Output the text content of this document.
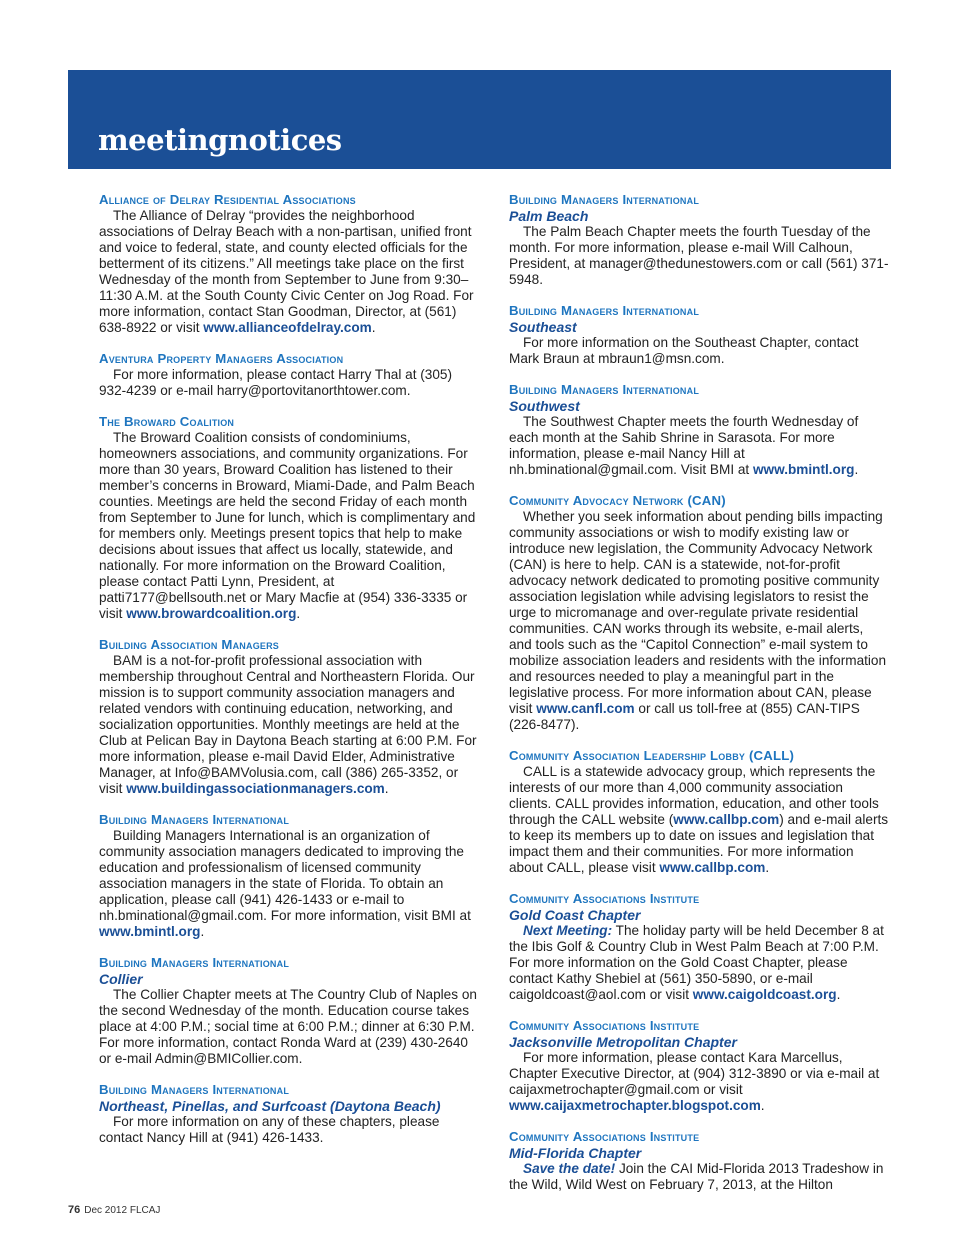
meetingnotices

Alliance of Delray Residential Associations

The Alliance of Delray “provides the neighborhood associations of Delray Beach with a non-partisan, unified front and voice to federal, state, and county elected officials for the betterment of its citizens.” All meetings take place on the first Wednesday of the month from September to June from 9:30–11:30 A.M. at the South County Civic Center on Jog Road. For more information, contact Stan Goodman, Director, at (561) 638-8922 or visit www.allianceofdelray.com.

Aventura Property Managers Association

For more information, please contact Harry Thal at (305) 932-4239 or e-mail harry@portovitanorthtower.com.

The Broward Coalition

The Broward Coalition consists of condominiums, homeowners associations, and community organizations. For more than 30 years, Broward Coalition has listened to their member’s concerns in Broward, Miami-Dade, and Palm Beach counties. Meetings are held the second Friday of each month from September to June for lunch, which is complimentary and for members only. Meetings present topics that help to make decisions about issues that affect us locally, statewide, and nationally. For more information on the Broward Coalition, please contact Patti Lynn, President, at patti7177@bellsouth.net or Mary Macfie at (954) 336-3335 or visit www.browardcoalition.org.

Building Association Managers

BAM is a not-for-profit professional association with membership throughout Central and Northeastern Florida. Our mission is to support community association managers and related vendors with continuing education, networking, and socialization opportunities. Monthly meetings are held at the Club at Pelican Bay in Daytona Beach starting at 6:00 P.M. For more information, please e-mail David Elder, Administrative Manager, at Info@BAMVolusia.com, call (386) 265-3352, or visit www.buildingassociationmanagers.com.

Building Managers International

Building Managers International is an organization of community association managers dedicated to improving the education and professionalism of licensed community association managers in the state of Florida. To obtain an application, please call (941) 426-1433 or e-mail to nh.bminational@gmail.com. For more information, visit BMI at www.bmintl.org.

Building Managers International

Collier

The Collier Chapter meets at The Country Club of Naples on the second Wednesday of the month. Education course takes place at 4:00 P.M.; social time at 6:00 P.M.; dinner at 6:30 P.M. For more information, contact Ronda Ward at (239) 430-2640 or e-mail Admin@BMICollier.com.

Building Managers International

Northeast, Pinellas, and Surfcoast (Daytona Beach)

For more information on any of these chapters, please contact Nancy Hill at (941) 426-1433.

Building Managers International

Palm Beach

The Palm Beach Chapter meets the fourth Tuesday of the month. For more information, please e-mail Will Calhoun, President, at manager@thedunestowers.com or call (561) 371-5948.

Building Managers International

Southeast

For more information on the Southeast Chapter, contact Mark Braun at mbraun1@msn.com.

Building Managers International

Southwest

The Southwest Chapter meets the fourth Wednesday of each month at the Sahib Shrine in Sarasota. For more information, please e-mail Nancy Hill at nh.bminational@gmail.com. Visit BMI at www.bmintl.org.

Community Advocacy Network (CAN)

Whether you seek information about pending bills impacting community associations or wish to modify existing law or introduce new legislation, the Community Advocacy Network (CAN) is here to help. CAN is a statewide, not-for-profit advocacy network dedicated to promoting positive community association legislation while advising legislators to resist the urge to micromanage and over-regulate private residential communities. CAN works through its website, e-mail alerts, and tools such as the “Capitol Connection” e-mail system to mobilize association leaders and residents with the information and resources needed to play a meaningful part in the legislative process. For more information about CAN, please visit www.canfl.com or call us toll-free at (855) CAN-TIPS (226-8477).

Community Association Leadership Lobby (CALL)

CALL is a statewide advocacy group, which represents the interests of our more than 4,000 community association clients. CALL provides information, education, and other tools through the CALL website (www.callbp.com) and e-mail alerts to keep its members up to date on issues and legislation that impact them and their communities. For more information about CALL, please visit www.callbp.com.

Community Associations Institute

Gold Coast Chapter

Next Meeting: The holiday party will be held December 8 at the Ibis Golf & Country Club in West Palm Beach at 7:00 P.M. For more information on the Gold Coast Chapter, please contact Kathy Shebiel at (561) 350-5890, or e-mail caigoldcoast@aol.com or visit www.caigoldcoast.org.

Community Associations Institute

Jacksonville Metropolitan Chapter

For more information, please contact Kara Marcellus, Chapter Executive Director, at (904) 312-3890 or via e-mail at caijaxmetrochapter@gmail.com or visit www.caijaxmetrochapter.blogspot.com.

Community Associations Institute

Mid-Florida Chapter

Save the date! Join the CAI Mid-Florida 2013 Tradeshow in the Wild, Wild West on February 7, 2013, at the Hilton

76 Dec 2012 FLCAJ
